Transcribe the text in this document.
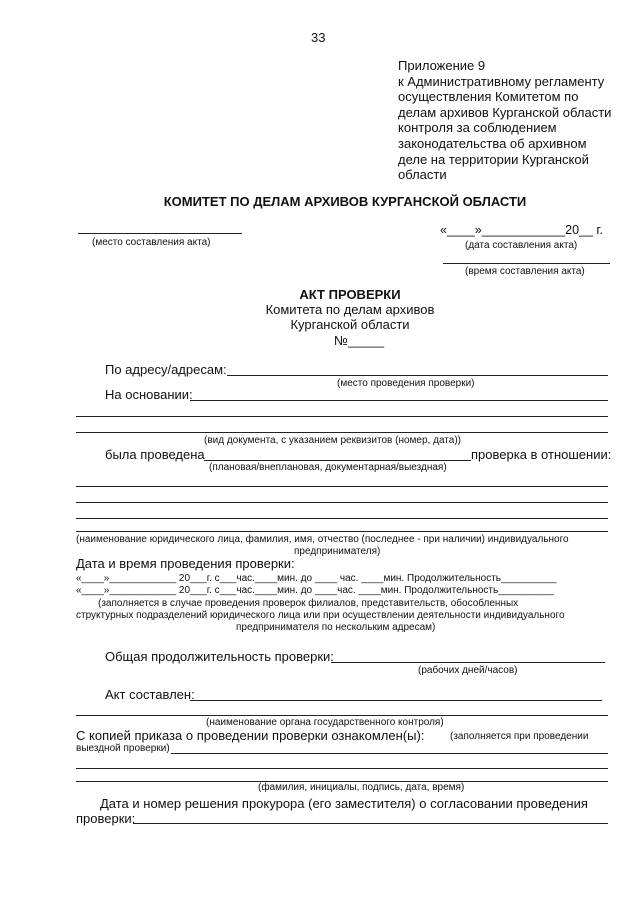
33
Приложение 9
к Административному регламенту
осуществления Комитетом по
делам архивов Курганской области
контроля за соблюдением
законодательства об архивном
деле на территории Курганской
области
КОМИТЕТ ПО ДЕЛАМ АРХИВОВ КУРГАНСКОЙ ОБЛАСТИ
(место составления акта)
«____»____________20__ г.
(дата составления акта)
(время составления акта)
АКТ ПРОВЕРКИ
Комитета по делам архивов
Курганской области
№_____
По адресу/адресам:
(место проведения проверки)
На основании:
(вид документа, с указанием реквизитов (номер, дата))
была проведена	проверка в отношении:
(плановая/внеплановая, документарная/выездная)
(наименование юридического лица, фамилия, имя, отчество (последнее - при наличии) индивидуального
предпринимателя)
Дата и время проведения проверки:
«____»____________ 20___г. с___час.____мин. до ____ час. ____мин. Продолжительность__________
«____»____________ 20___г. с___час.____мин. до ____час. ____мин. Продолжительность__________
(заполняется в случае проведения проверок филиалов, представительств, обособленных
структурных подразделений юридического лица или при осуществлении деятельности индивидуального
предпринимателя по нескольким адресам)
Общая продолжительность проверки:
(рабочих дней/часов)
Акт составлен:
(наименование органа государственного контроля)
С копией приказа о проведении проверки ознакомлен(ы):	(заполняется при проведении
выездной проверки)
(фамилия, инициалы, подпись, дата, время)
Дата и номер решения прокурора (его заместителя) о согласовании проведения
проверки:
